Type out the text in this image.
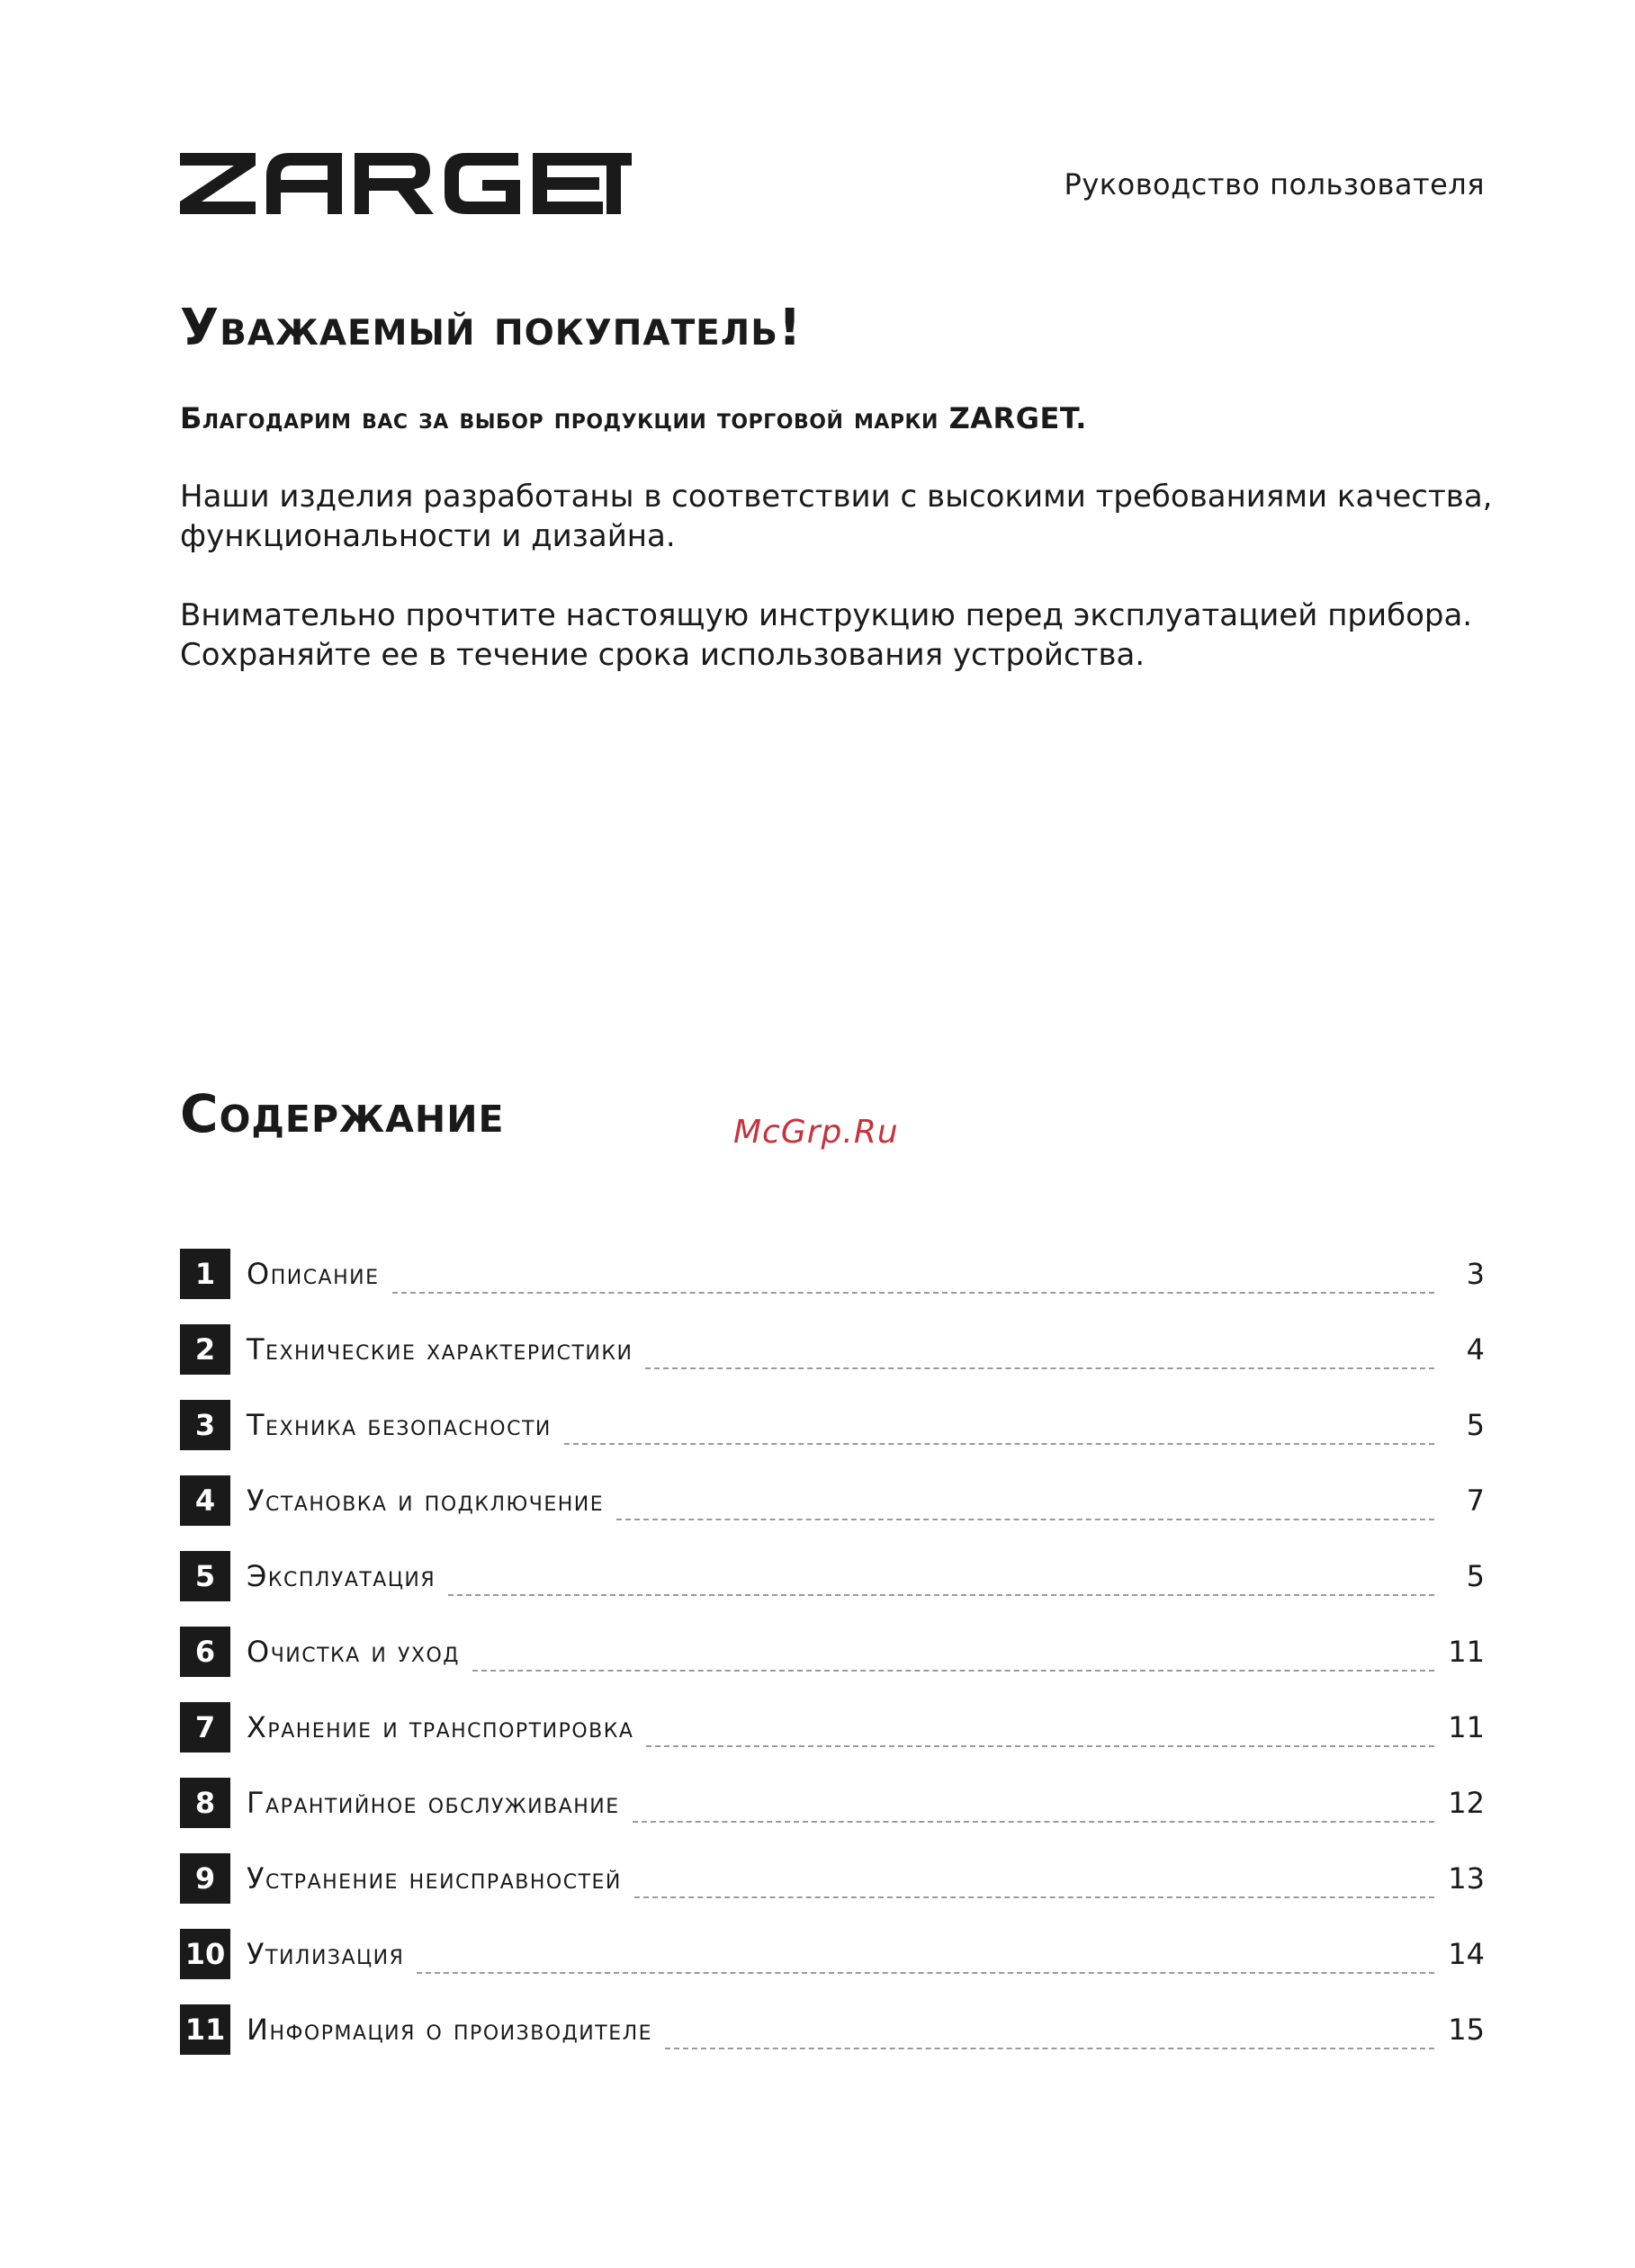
Руководство пользователя
Уважаемый покупатель!

Благодарим вас за выбор продукции торговой марки ZARGET.

Наши изделия разработаны в соответствии с высокими требованиями качества, функциональности и дизайна.

Внимательно прочтите настоящую инструкцию перед эксплуатацией прибора. Сохраняйте ее в течение срока использования устройства.

Содержание	McGrp.Ru
1	Описание	3
2	Технические характеристики	4
3	Техника безопасности	5
4	Установка и подключение	7
5	Эксплуатация	5
6	Очистка и уход	11
7	Хранение и транспортировка	11
8	Гарантийное обслуживание	12
9	Устранение неисправностей	13
10 Утилизация	14
11 Информация о производителе	15
